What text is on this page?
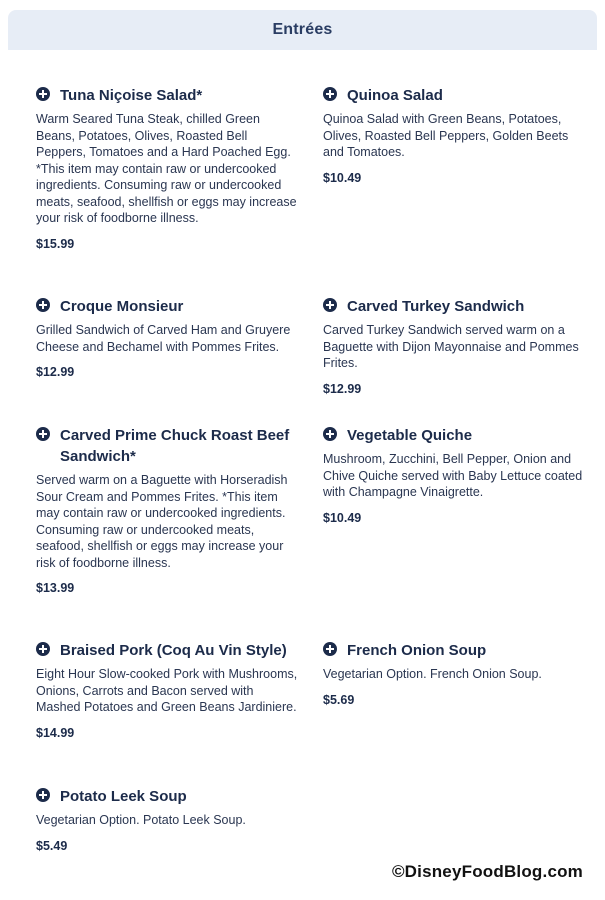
Entrées
Tuna Niçoise Salad*
Warm Seared Tuna Steak, chilled Green Beans, Potatoes, Olives, Roasted Bell Peppers, Tomatoes and a Hard Poached Egg. *This item may contain raw or undercooked ingredients. Consuming raw or undercooked meats, seafood, shellfish or eggs may increase your risk of foodborne illness.
$15.99
Quinoa Salad
Quinoa Salad with Green Beans, Potatoes, Olives, Roasted Bell Peppers, Golden Beets and Tomatoes.
$10.49
Croque Monsieur
Grilled Sandwich of Carved Ham and Gruyere Cheese and Bechamel with Pommes Frites.
$12.99
Carved Turkey Sandwich
Carved Turkey Sandwich served warm on a Baguette with Dijon Mayonnaise and Pommes Frites.
$12.99
Carved Prime Chuck Roast Beef Sandwich*
Served warm on a Baguette with Horseradish Sour Cream and Pommes Frites. *This item may contain raw or undercooked ingredients. Consuming raw or undercooked meats, seafood, shellfish or eggs may increase your risk of foodborne illness.
$13.99
Vegetable Quiche
Mushroom, Zucchini, Bell Pepper, Onion and Chive Quiche served with Baby Lettuce coated with Champagne Vinaigrette.
$10.49
Braised Pork (Coq Au Vin Style)
Eight Hour Slow-cooked Pork with Mushrooms, Onions, Carrots and Bacon served with Mashed Potatoes and Green Beans Jardiniere.
$14.99
French Onion Soup
Vegetarian Option. French Onion Soup.
$5.69
Potato Leek Soup
Vegetarian Option. Potato Leek Soup.
$5.49
©DisneyFoodBlog.com
